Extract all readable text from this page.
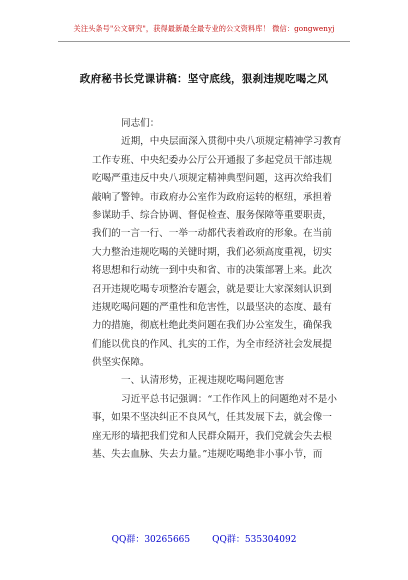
关注头条号"公文研究"，获得最新最全最专业的公文资料库！ 微信：gongwenyj
政府秘书长党课讲稿：坚守底线，狠刹违规吃喝之风
同志们：
近期，中央层面深入贯彻中央八项规定精神学习教育
工作专班、中央纪委办公厅公开通报了多起党员干部违规
吃喝严重违反中央八项规定精神典型问题，这再次给我们
敲响了警钟。市政府办公室作为政府运转的枢纽，承担着
参谋助手、综合协调、督促检查、服务保障等重要职责，
我们的一言一行、一举一动都代表着政府的形象。在当前
大力整治违规吃喝的关键时期，我们必须高度重视，切实
将思想和行动统一到中央和省、市的决策部署上来。此次
召开违规吃喝专项整治专题会，就是要让大家深刻认识到
违规吃喝问题的严重性和危害性，以最坚决的态度、最有
力的措施，彻底杜绝此类问题在我们办公室发生，确保我
们能以优良的作风、扎实的工作，为全市经济社会发展提
供坚实保障。
一、认清形势，正视违规吃喝问题危害
习近平总书记强调：“工作作风上的问题绝对不是小
事，如果不坚决纠正不良风气，任其发展下去，就会像一
座无形的墙把我们党和人民群众隔开，我们党就会失去根
基、失去血脉、失去力量。”违规吃喝绝非小事小节，而
QQ群：30265665 QQ群：535304092
